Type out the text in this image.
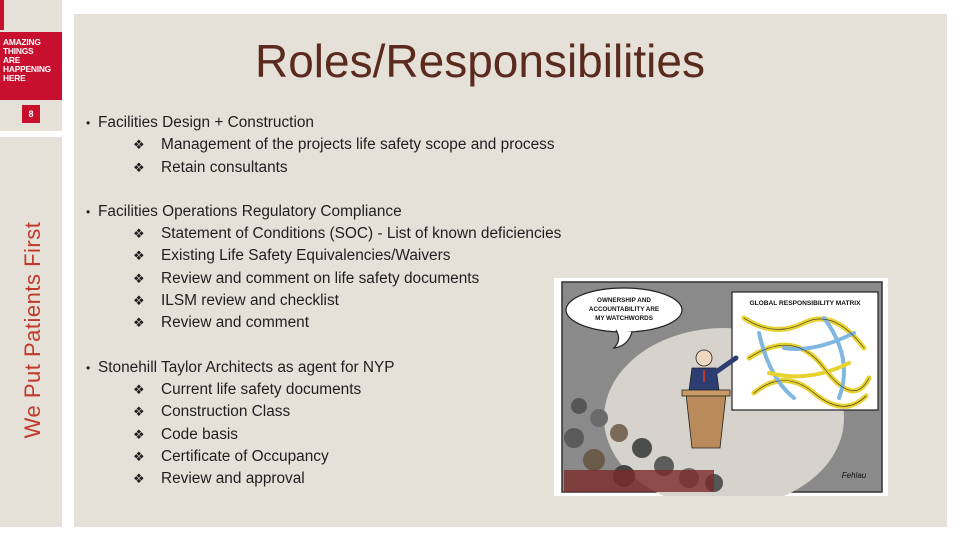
AMAZING
THINGS
ARE
HAPPENING
HERE
8
We Put Patients First
Roles/Responsibilities
• Facilities Design + Construction
❖ Management of the projects life safety scope and process
❖ Retain consultants
• Facilities Operations Regulatory Compliance
❖ Statement of Conditions (SOC) - List of known deficiencies
❖ Existing Life Safety Equivalencies/Waivers
❖ Review and comment on life safety documents
❖ ILSM review and checklist
❖ Review and comment
• Stonehill Taylor Architects as agent for NYP
❖ Current life safety documents
❖ Construction Class
❖ Code basis
❖ Certificate of Occupancy
❖ Review and approval
OWNERSHIP AND
ACCOUNTABILITY ARE
MY WATCHWORDS
GLOBAL RESPONSIBILITY MATRIX
Fehlau
